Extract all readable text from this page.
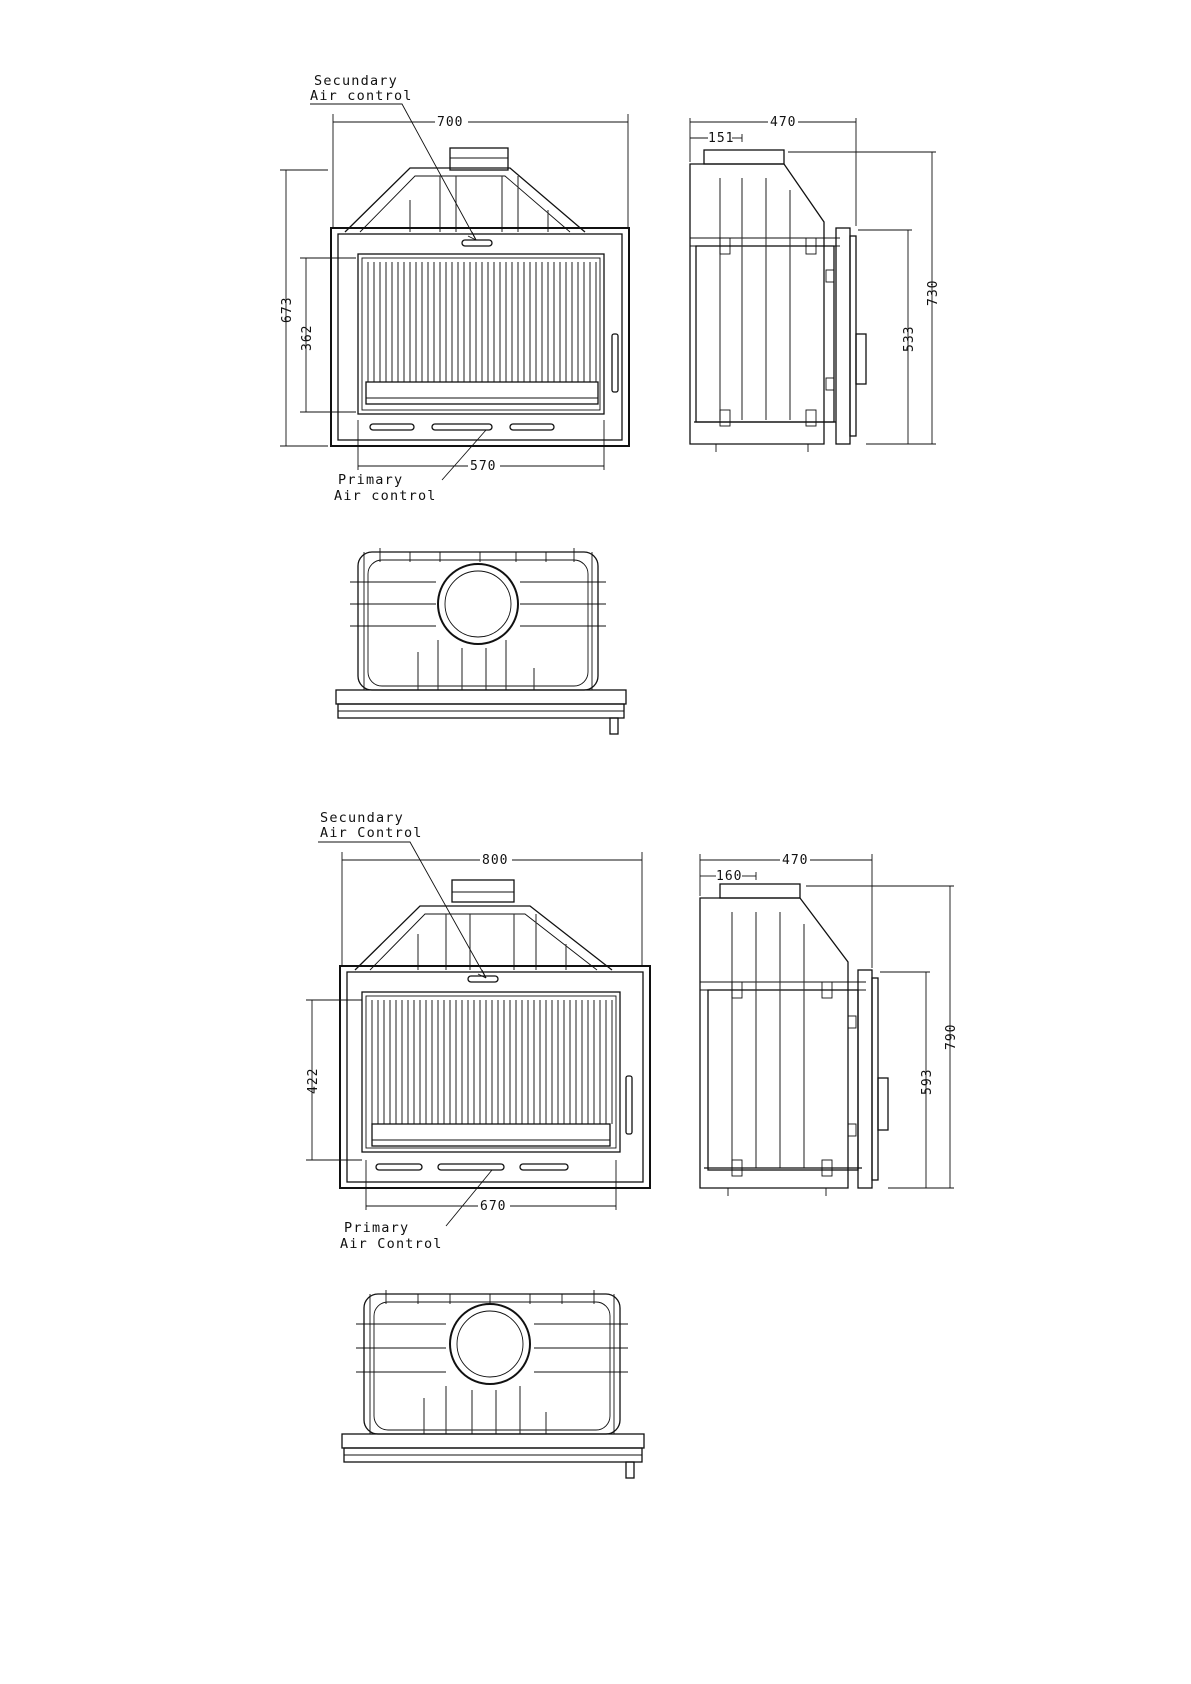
700
673
362
570
Secundary
Air control
Primary
Air control
470
151
730
533
800
422
670
Secundary
Air Control
Primary
Air Control
470
160
790
593
